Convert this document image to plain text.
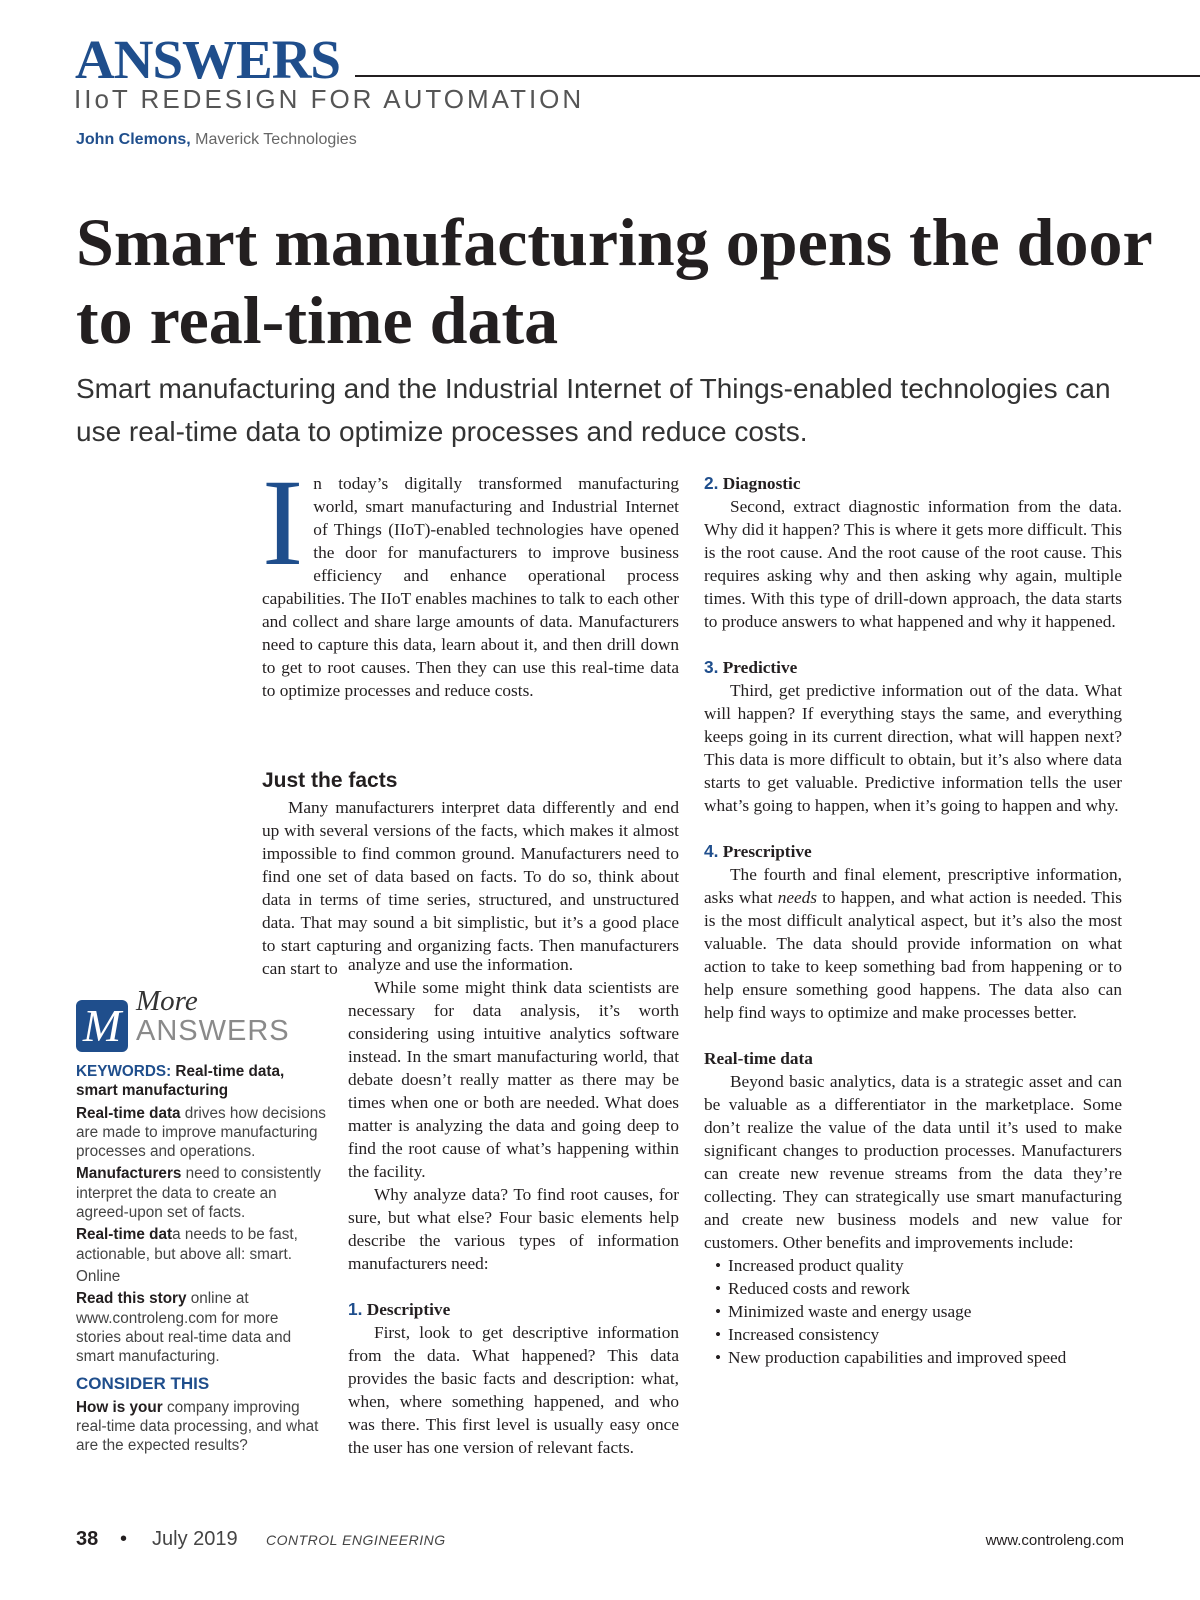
ANSWERS
IIoT REDESIGN FOR AUTOMATION
John Clemons, Maverick Technologies
Smart manufacturing opens the door to real-time data
Smart manufacturing and the Industrial Internet of Things-enabled technologies can use real-time data to optimize processes and reduce costs.
I n today’s digitally transformed manufacturing world, smart manufacturing and Industrial Internet of Things (IIoT)-enabled technologies have opened the door for manufacturers to improve business efficiency and enhance operational process capabilities. The IIoT enables machines to talk to each other and collect and share large amounts of data. Manufacturers need to capture this data, learn about it, and then drill down to get to root causes. Then they can use this real-time data to optimize processes and reduce costs.

Just the facts

Many manufacturers interpret data differently and end up with several versions of the facts, which makes it almost impossible to find common ground. Manufacturers need to find one set of data based on facts. To do so, think about data in terms of time series, structured, and unstructured data. That may sound a bit simplistic, but it’s a good place to start capturing and organizing facts. Then manufacturers can start to analyze and use the information.

While some might think data scientists are necessary for data analysis, it’s worth considering using intuitive analytics software instead. In the smart manufacturing world, that debate doesn’t really matter as there may be times when one or both are needed. What does matter is analyzing the data and going deep to find the root cause of what’s happening within the facility.

Why analyze data? To find root causes, for sure, but what else? Four basic elements help describe the various types of information manufacturers need:

1. Descriptive

First, look to get descriptive information from the data. What happened? This data provides the basic facts and description: what, when, where something happened, and who was there. This first level is usually easy once the user has one version of relevant facts.

2. Diagnostic

Second, extract diagnostic information from the data. Why did it happen? This is where it gets more difficult. This is the root cause. And the root cause of the root cause. This requires asking why and then asking why again, multiple times. With this type of drill-down approach, the data starts to produce answers to what happened and why it happened.

3. Predictive

Third, get predictive information out of the data. What will happen? If everything stays the same, and everything keeps going in its current direction, what will happen next? This data is more difficult to obtain, but it’s also where data starts to get valuable. Predictive information tells the user what’s going to happen, when it’s going to happen and why.

4. Prescriptive

The fourth and final element, prescriptive information, asks what needs to happen, and what action is needed. This is the most difficult analytical aspect, but it’s also the most valuable. The data should provide information on what action to take to keep something bad from happening or to help ensure something good happens. The data also can help find ways to optimize and make processes better.

Real-time data

Beyond basic analytics, data is a strategic asset and can be valuable as a differentiator in the marketplace. Some don’t realize the value of the data until it’s used to make significant changes to production processes. Manufacturers can create new revenue streams from the data they’re collecting. They can strategically use smart manufacturing and create new business models and new value for customers. Other benefits and improvements include:

• Increased product quality
• Reduced costs and rework
• Minimized waste and energy usage
• Increased consistency
• New production capabilities and improved speed
M More
ANSWERS

KEYWORDS: Real-time data, smart manufacturing

Real-time data drives how decisions are made to improve manufacturing processes and operations.

Manufacturers need to consistently interpret the data to create an agreed-upon set of facts.

Real-time data needs to be fast, actionable, but above all: smart.

Online

Read this story online at www.controleng.com for more stories about real-time data and smart manufacturing.

CONSIDER THIS

How is your company improving real-time data processing, and what are the expected results?

38 • July 2019 CONTROL ENGINEERING	www.controleng.com
